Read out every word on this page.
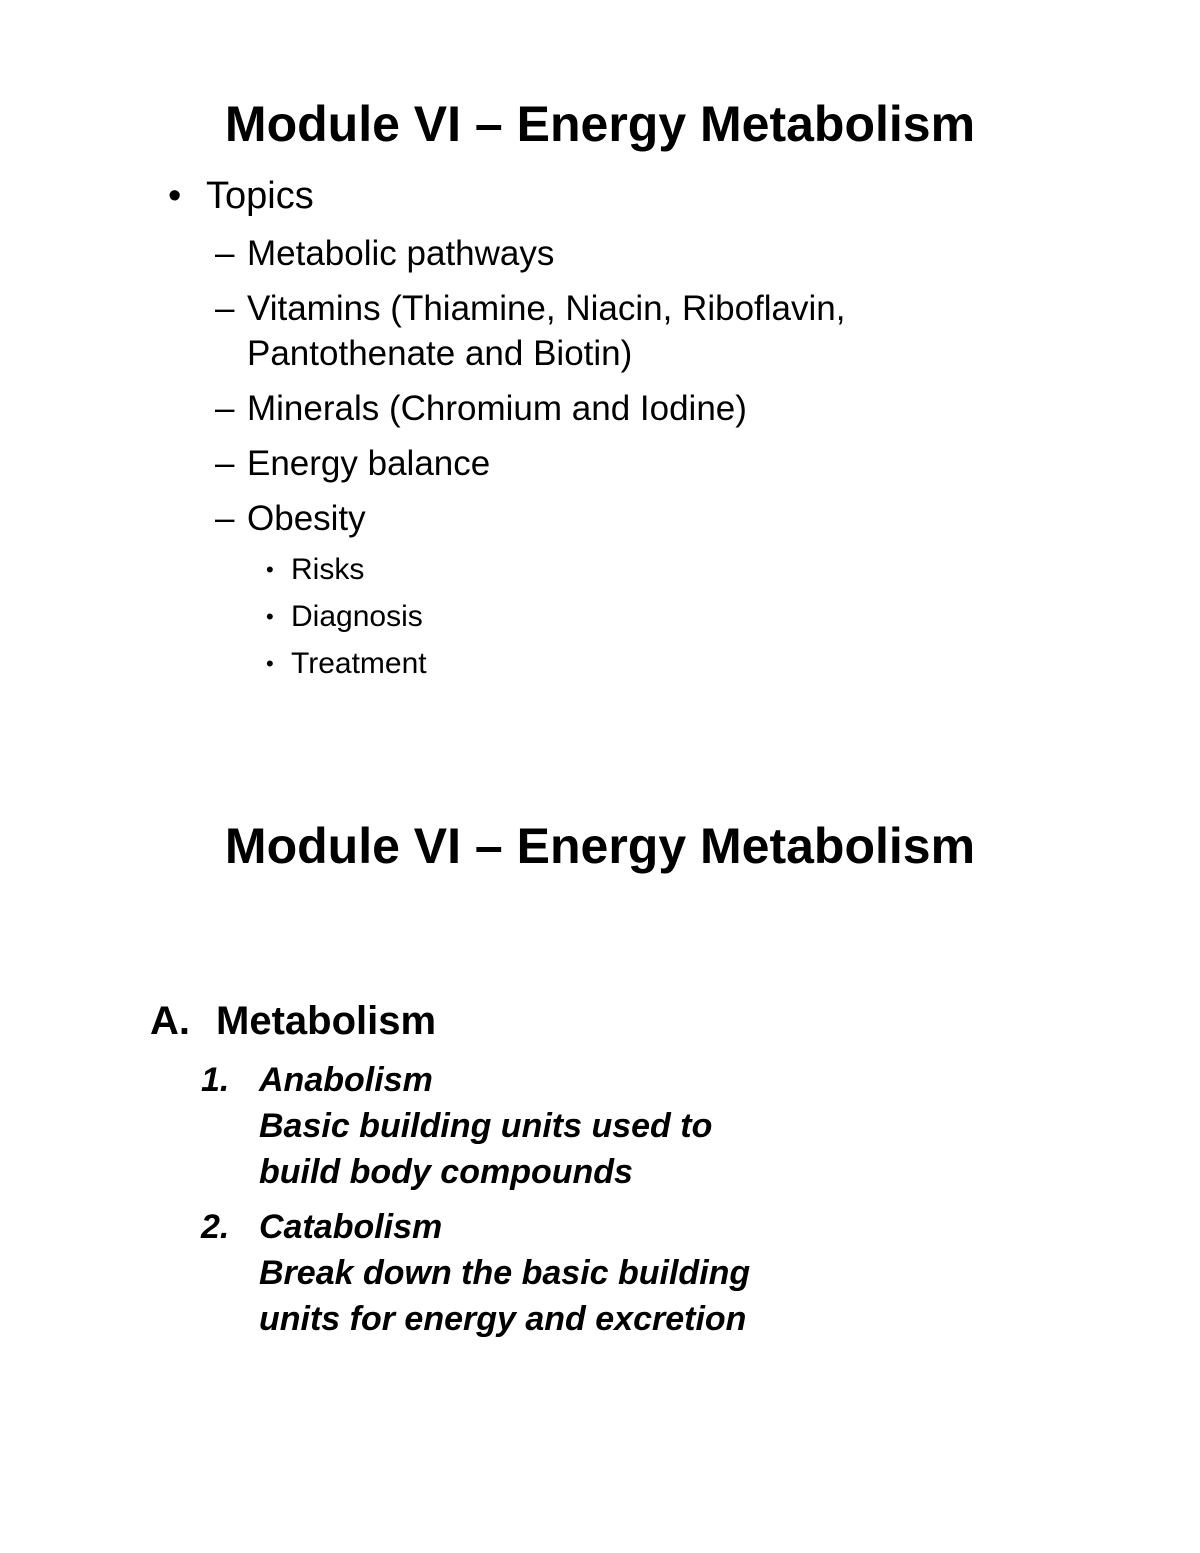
Module VI – Energy Metabolism
• Topics
– Metabolic pathways
– Vitamins (Thiamine, Niacin, Riboflavin,
Pantothenate and Biotin)
– Minerals (Chromium and Iodine)
– Energy balance
– Obesity
• Risks
• Diagnosis
• Treatment
Module VI – Energy Metabolism
A. Metabolism
1. Anabolism
Basic building units used to
build body compounds
2. Catabolism
Break down the basic building
units for energy and excretion
